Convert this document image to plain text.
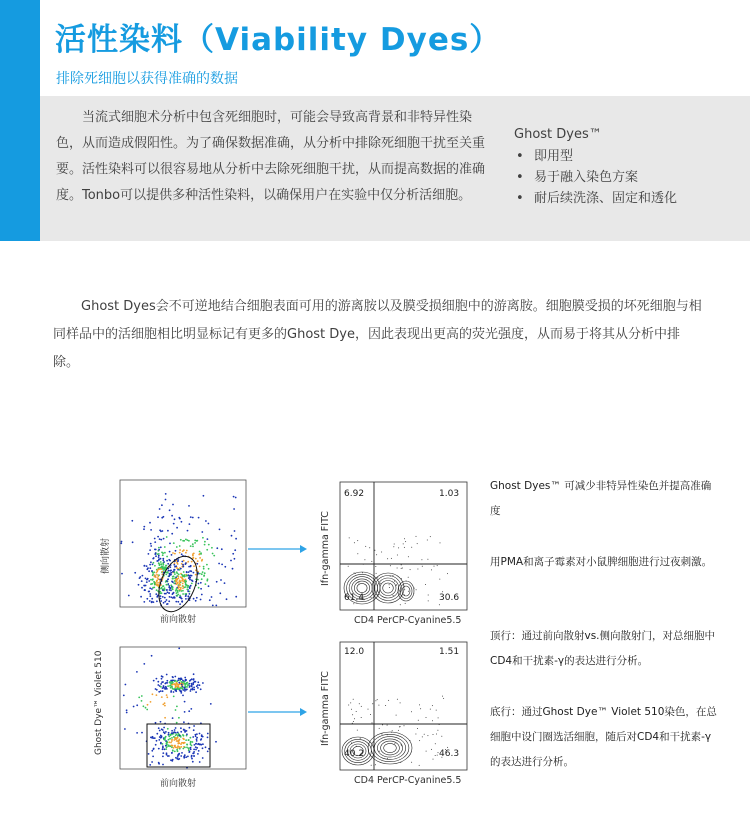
活性染料（Viability Dyes）
排除死细胞以获得准确的数据

当流式细胞术分析中包含死细胞时，可能会导致高背景和非特异性染色，从而造成假阳性。为了确保数据准确，从分析中排除死细胞干扰至关重要。活性染料可以很容易地从分析中去除死细胞干扰，从而提高数据的准确度。Tonbo可以提供多种活性染料，以确保用户在实验中仅分析活细胞。

Ghost Dyes™
• 即用型
• 易于融入染色方案
• 耐后续洗涤、固定和透化

Ghost Dyes会不可逆地结合细胞表面可用的游离胺以及膜受损细胞中的游离胺。细胞膜受损的坏死细胞与相同样品中的活细胞相比明显标记有更多的Ghost Dye，因此表现出更高的荧光强度，从而易于将其从分析中排除。

前向散射
侧向散射
前向散射
Ghost Dye™ Violet 510
6.92	1.03
61.4	30.6
CD4 PerCP-Cyanine5.5
Ifn-gamma FITC
12.0	1.51
40.2	46.3
CD4 PerCP-Cyanine5.5
Ifn-gamma FITC

Ghost Dyes™ 可减少非特异性染色并提高准确度

用PMA和离子霉素对小鼠脾细胞进行过夜刺激。

顶行：通过前向散射vs.侧向散射门，对总细胞中CD4和干扰素-γ的表达进行分析。

底行：通过Ghost Dye™ Violet 510染色，在总细胞中设门圈选活细胞，随后对CD4和干扰素-γ的表达进行分析。
